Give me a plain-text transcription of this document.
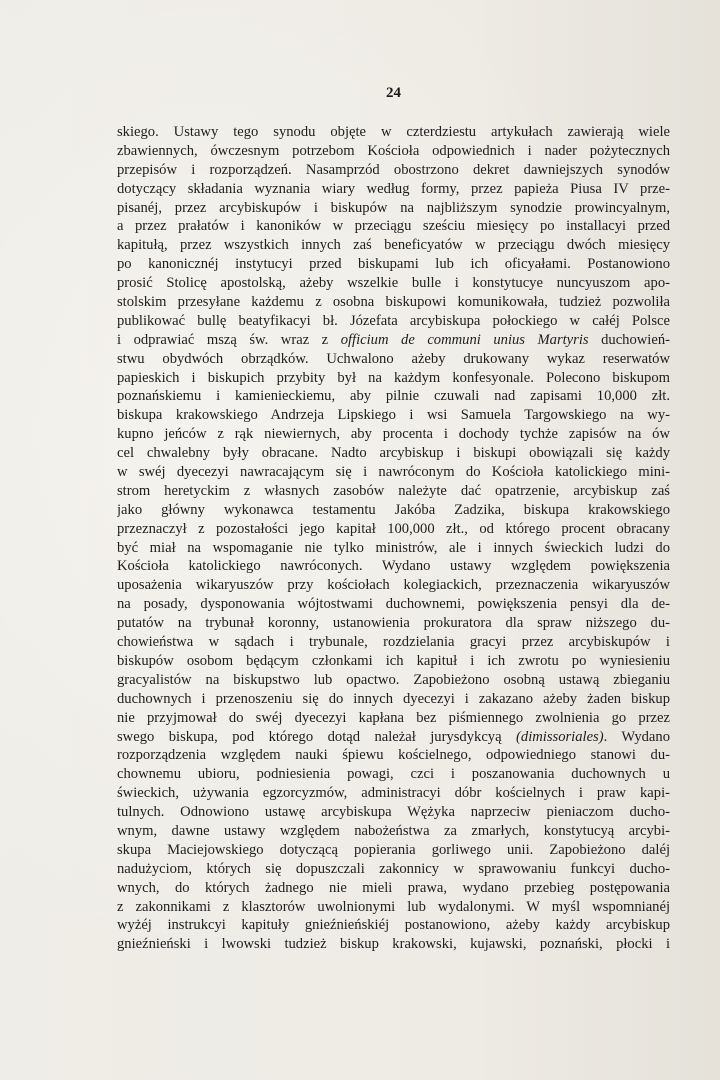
24
skiego. Ustawy tego synodu objęte w czterdziestu artykułach zawierają wiele
zbawiennych, ówczesnym potrzebom Kościoła odpowiednich i nader pożytecznych
przepisów i rozporządzeń. Nasamprzód obostrzono dekret dawniejszych synodów
dotyczący składania wyznania wiary według formy, przez papieża Piusa IV prze-
pisanéj, przez arcybiskupów i biskupów na najbliższym synodzie prowincyalnym,
a przez prałatów i kanoników w przeciągu sześciu miesięcy po installacyi przed
kapitułą, przez wszystkich innych zaś beneficyatów w przeciągu dwóch miesięcy
po kanonicznéj instytucyi przed biskupami lub ich oficyałami. Postanowiono
prosić Stolicę apostolską, ażeby wszelkie bulle i konstytucye nuncyuszom apo-
stolskim przesyłane każdemu z osobna biskupowi komunikowała, tudzież pozwoliła
publikować bullę beatyfikacyi bł. Józefata arcybiskupa połockiego w całéj Polsce
i odprawiać mszą św. wraz z officium de communi unius Martyris duchowień-
stwu obydwóch obrządków. Uchwalono ażeby drukowany wykaz reserwatów
papieskich i biskupich przybity był na każdym konfesyonale. Polecono biskupom
poznańskiemu i kamienieckiemu, aby pilnie czuwali nad zapisami 10,000 złt.
biskupa krakowskiego Andrzeja Lipskiego i wsi Samuela Targowskiego na wy-
kupno jeńców z rąk niewiernych, aby procenta i dochody tychże zapisów na ów
cel chwalebny były obracane. Nadto arcybiskup i biskupi obowiązali się każdy
w swéj dyecezyi nawracającym się i nawróconym do Kościoła katolickiego mini-
strom heretyckim z własnych zasobów należyte dać opatrzenie, arcybiskup zaś
jako główny wykonawca testamentu Jakóba Zadzika, biskupa krakowskiego
przeznaczył z pozostałości jego kapitał 100,000 złt., od którego procent obracany
być miał na wspomaganie nie tylko ministrów, ale i innych świeckich ludzi do
Kościoła katolickiego nawróconych. Wydano ustawy względem powiększenia
uposażenia wikaryuszów przy kościołach kolegiackich, przeznaczenia wikaryuszów
na posady, dysponowania wójtostwami duchownemi, powiększenia pensyi dla de-
putatów na trybunał koronny, ustanowienia prokuratora dla spraw niższego du-
chowieństwa w sądach i trybunale, rozdzielania gracyi przez arcybiskupów i
biskupów osobom będącym członkami ich kapituł i ich zwrotu po wyniesieniu
gracyalistów na biskupstwo lub opactwo. Zapobieżono osobną ustawą zbieganiu
duchownych i przenoszeniu się do innych dyecezyi i zakazano ażeby żaden biskup
nie przyjmował do swéj dyecezyi kapłana bez piśmiennego zwolnienia go przez
swego biskupa, pod którego dotąd należał jurysdykcyą (dimissoriales). Wydano
rozporządzenia względem nauki śpiewu kościelnego, odpowiedniego stanowi du-
chownemu ubioru, podniesienia powagi, czci i poszanowania duchownych u
świeckich, używania egzorcyzmów, administracyi dóbr kościelnych i praw kapi-
tulnych. Odnowiono ustawę arcybiskupa Wężyka naprzeciw pieniaczom ducho-
wnym, dawne ustawy względem nabożeństwa za zmarłych, konstytucyą arcybi-
skupa Maciejowskiego dotyczącą popierania gorliwego unii. Zapobieżono daléj
nadużyciom, których się dopuszczali zakonnicy w sprawowaniu funkcyi ducho-
wnych, do których żadnego nie mieli prawa, wydano przebieg postępowania
z zakonnikami z klasztorów uwolnionymi lub wydalonymi. W myśl wspomnianéj
wyżéj instrukcyi kapituły gnieźnieńskiéj postanowiono, ażeby każdy arcybiskup
gnieźnieński i lwowski tudzież biskup krakowski, kujawski, poznański, płocki i
